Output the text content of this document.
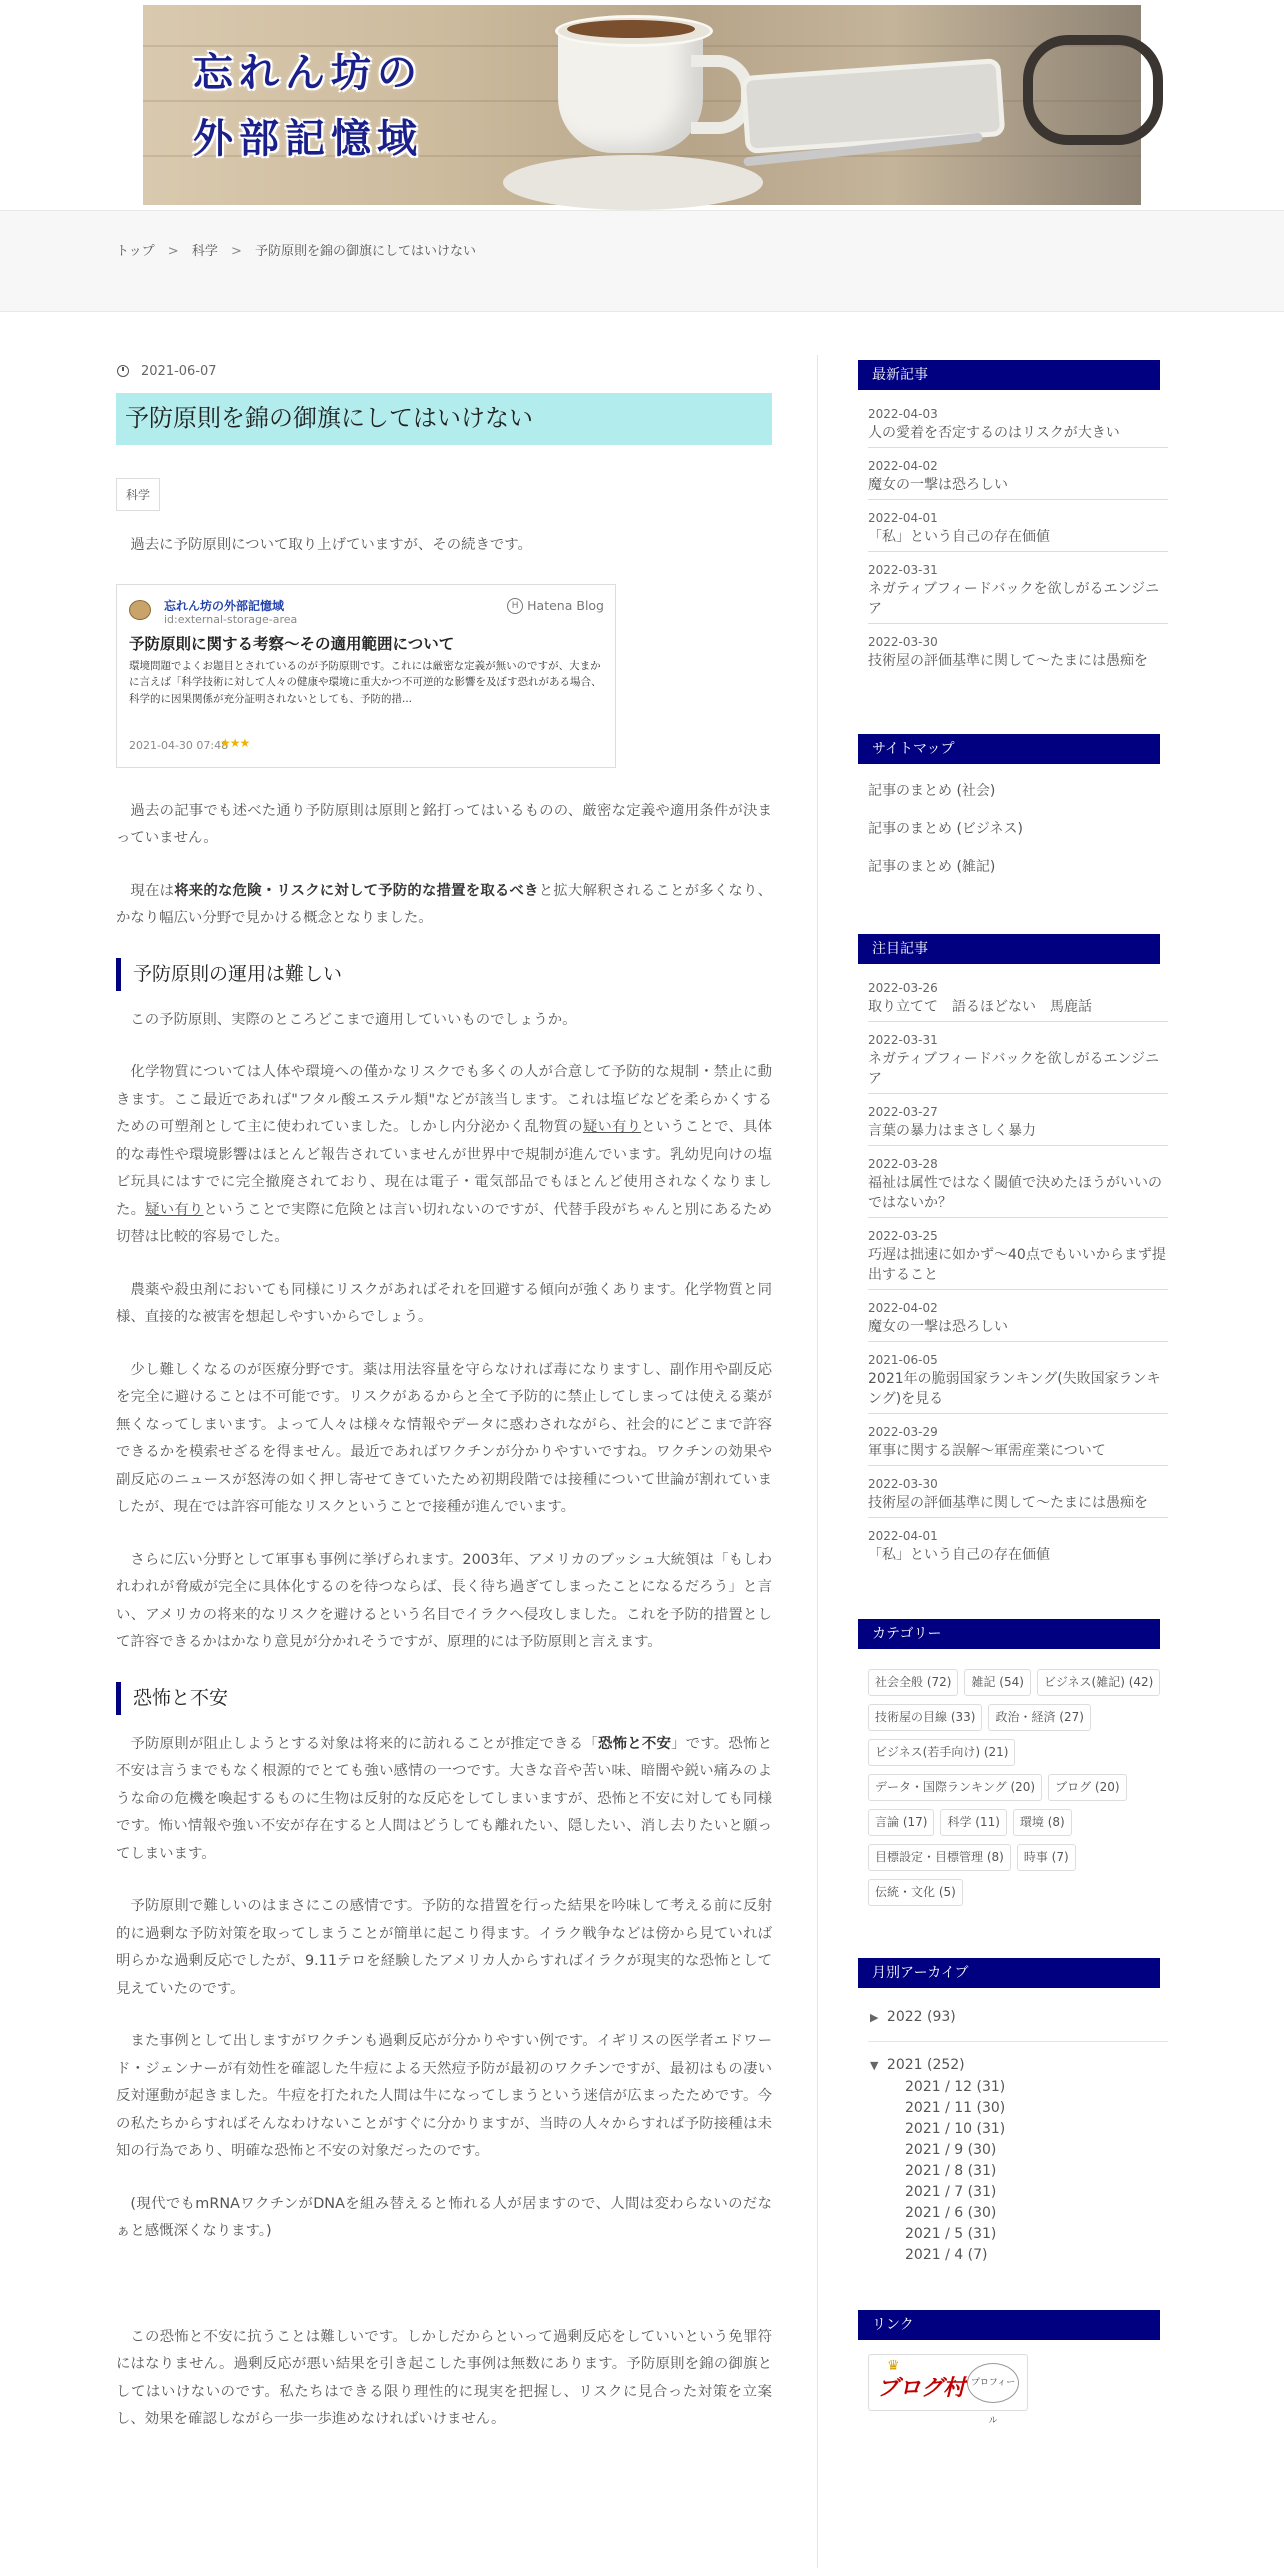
忘れん坊の
外部記憶域
トップ > 科学 > 予防原則を錦の御旗にしてはいけない
2021-06-07
予防原則を錦の御旗にしてはいけない
科学

過去に予防原則について取り上げていますが、その続きです。

忘れん坊の外部記憶域
id:external-storage-area
H Hatena Blog
予防原則に関する考察～その適用範囲について
環境問題でよくお題目とされているのが予防原則です。これには厳密な定義が無いのですが、大まかに言えば「科学技術に対して人々の健康や環境に重大かつ不可逆的な影響を及ぼす恐れがある場合、科学的に因果関係が充分証明されないとしても、予防的措...
2021-04-30 07:48
★★★

過去の記事でも述べた通り予防原則は原則と銘打ってはいるものの、厳密な定義や適用条件が決まっていません。

現在は将来的な危険・リスクに対して予防的な措置を取るべきと拡大解釈されることが多くなり、かなり幅広い分野で見かける概念となりました。

予防原則の運用は難しい

この予防原則、実際のところどこまで適用していいものでしょうか。

化学物質については人体や環境への僅かなリスクでも多くの人が合意して予防的な規制・禁止に動きます。ここ最近であれば"フタル酸エステル類"などが該当します。これは塩ビなどを柔らかくするための可塑剤として主に使われていました。しかし内分泌かく乱物質の疑い有りということで、具体的な毒性や環境影響はほとんど報告されていませんが世界中で規制が進んでいます。乳幼児向けの塩ビ玩具にはすでに完全撤廃されており、現在は電子・電気部品でもほとんど使用されなくなりました。疑い有りということで実際に危険とは言い切れないのですが、代替手段がちゃんと別にあるため切替は比較的容易でした。

農薬や殺虫剤においても同様にリスクがあればそれを回避する傾向が強くあります。化学物質と同様、直接的な被害を想起しやすいからでしょう。

少し難しくなるのが医療分野です。薬は用法容量を守らなければ毒になりますし、副作用や副反応を完全に避けることは不可能です。リスクがあるからと全て予防的に禁止してしまっては使える薬が無くなってしまいます。よって人々は様々な情報やデータに惑わされながら、社会的にどこまで許容できるかを模索せざるを得ません。最近であればワクチンが分かりやすいですね。ワクチンの効果や副反応のニュースが怒涛の如く押し寄せてきていたため初期段階では接種について世論が割れていましたが、現在では許容可能なリスクということで接種が進んでいます。

さらに広い分野として軍事も事例に挙げられます。2003年、アメリカのブッシュ大統領は「もしわれわれが脅威が完全に具体化するのを待つならば、長く待ち過ぎてしまったことになるだろう」と言い、アメリカの将来的なリスクを避けるという名目でイラクへ侵攻しました。これを予防的措置として許容できるかはかなり意見が分かれそうですが、原理的には予防原則と言えます。

恐怖と不安

予防原則が阻止しようとする対象は将来的に訪れることが推定できる「恐怖と不安」です。恐怖と不安は言うまでもなく根源的でとても強い感情の一つです。大きな音や苦い味、暗闇や鋭い痛みのような命の危機を喚起するものに生物は反射的な反応をしてしまいますが、恐怖と不安に対しても同様です。怖い情報や強い不安が存在すると人間はどうしても離れたい、隠したい、消し去りたいと願ってしまいます。

予防原則で難しいのはまさにこの感情です。予防的な措置を行った結果を吟味して考える前に反射的に過剰な予防対策を取ってしまうことが簡単に起こり得ます。イラク戦争などは傍から見ていれば明らかな過剰反応でしたが、9.11テロを経験したアメリカ人からすればイラクが現実的な恐怖として見えていたのです。

また事例として出しますがワクチンも過剰反応が分かりやすい例です。イギリスの医学者エドワード・ジェンナーが有効性を確認した牛痘による天然痘予防が最初のワクチンですが、最初はもの凄い反対運動が起きました。牛痘を打たれた人間は牛になってしまうという迷信が広まったためです。今の私たちからすればそんなわけないことがすぐに分かりますが、当時の人々からすれば予防接種は未知の行為であり、明確な恐怖と不安の対象だったのです。

(現代でもmRNAワクチンがDNAを組み替えると怖れる人が居ますので、人間は変わらないのだなぁと感慨深くなります。)

この恐怖と不安に抗うことは難しいです。しかしだからといって過剰反応をしていいという免罪符にはなりません。過剰反応が悪い結果を引き起こした事例は無数にあります。予防原則を錦の御旗としてはいけないのです。私たちはできる限り理性的に現実を把握し、リスクに見合った対策を立案し、効果を確認しながら一歩一歩進めなければいけません。

最新記事
2022-04-03
人の愛着を否定するのはリスクが大きい
2022-04-02
魔女の一撃は恐ろしい
2022-04-01
「私」という自己の存在価値
2022-03-31
ネガティブフィードバックを欲しがるエンジニア
2022-03-30
技術屋の評価基準に関して～たまには愚痴を
サイトマップ
記事のまとめ (社会)
記事のまとめ (ビジネス)
記事のまとめ (雑記)
注目記事
2022-03-26
取り立てて　語るほどない　馬鹿話
2022-03-31
ネガティブフィードバックを欲しがるエンジニア
2022-03-27
言葉の暴力はまさしく暴力
2022-03-28
福祉は属性ではなく閾値で決めたほうがいいのではないか？
2022-03-25
巧遅は拙速に如かず～40点でもいいからまず提出すること
2022-04-02
魔女の一撃は恐ろしい
2021-06-05
2021年の脆弱国家ランキング(失敗国家ランキング)を見る
2022-03-29
軍事に関する誤解～軍需産業について
2022-03-30
技術屋の評価基準に関して～たまには愚痴を
2022-04-01
「私」という自己の存在価値
カテゴリー
社会全般 (72)	雑記 (54)	ビジネス(雑記) (42)
技術屋の目線 (33)	政治・経済 (27)
ビジネス(若手向け) (21)
データ・国際ランキング (20)	ブログ (20)
言論 (17)	科学 (11)	環境 (8)
目標設定・目標管理 (8)	時事 (7)
伝統・文化 (5)
月別アーカイブ
▶ 2022 (93)
▼ 2021 (252)
2021 / 12 (31)
2021 / 11 (30)
2021 / 10 (31)
2021 / 9 (30)
2021 / 8 (31)
2021 / 7 (31)
2021 / 6 (30)
2021 / 5 (31)
2021 / 4 (7)
リンク
♛
ブログ村 プロフィール
